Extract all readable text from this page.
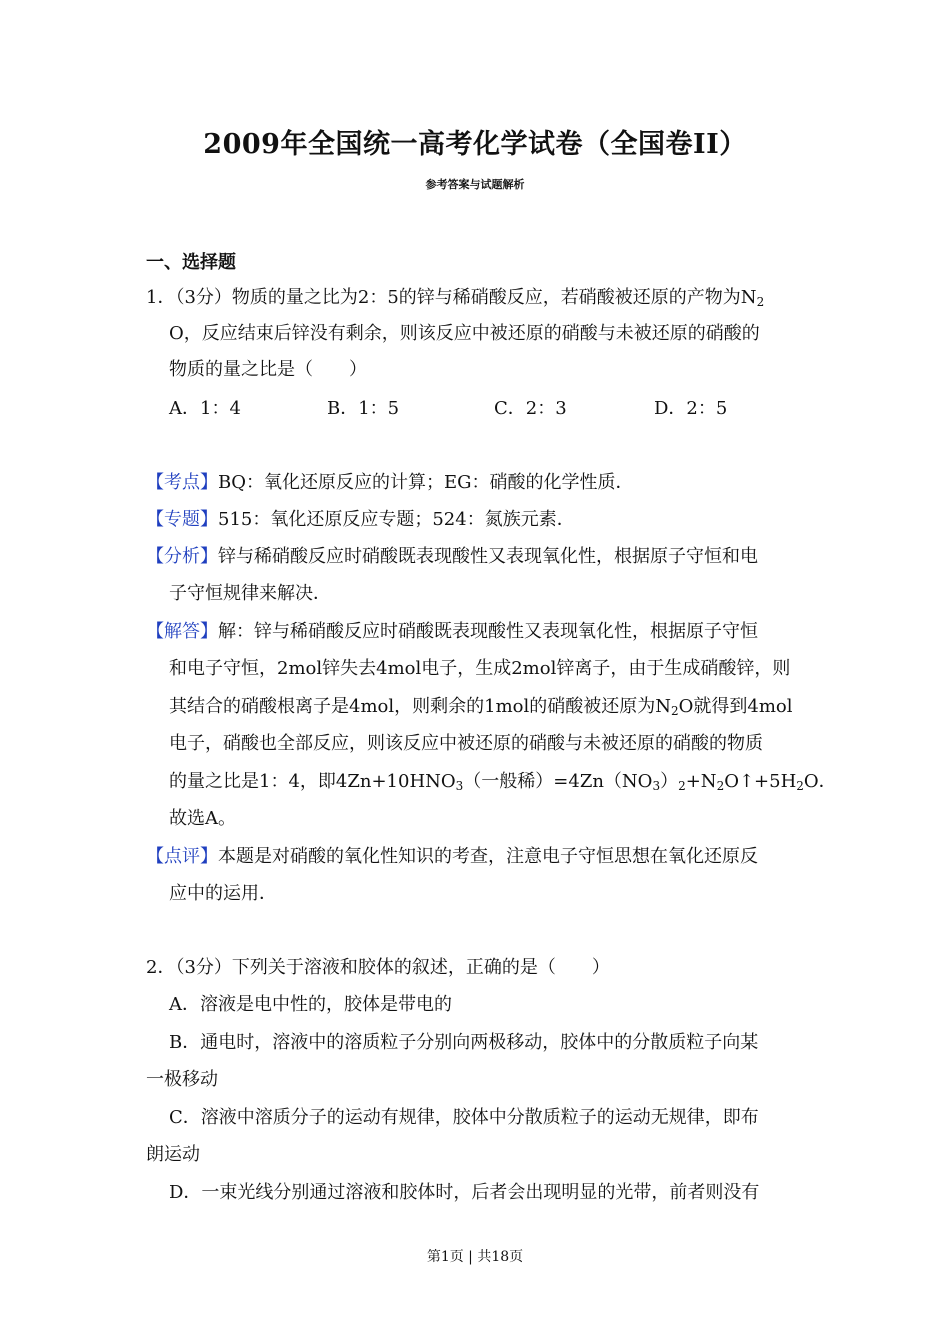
2009年全国统一高考化学试卷（全国卷II）
参考答案与试题解析
一、选择题
1．（3分）物质的量之比为2：5的锌与稀硝酸反应，若硝酸被还原的产物为$N_2$
O，反应结束后锌没有剩余，则该反应中被还原的硝酸与未被还原的硝酸的
物质的量之比是（　　）
A．1：4	B．1：5	C．2：3	D．2：5
【考点】BQ：氧化还原反应的计算；EG：硝酸的化学性质．
【专题】515：氧化还原反应专题；524：氮族元素．
【分析】锌与稀硝酸反应时硝酸既表现酸性又表现氧化性，根据原子守恒和电
子守恒规律来解决．
【解答】解：锌与稀硝酸反应时硝酸既表现酸性又表现氧化性，根据原子守恒
和电子守恒，2mol锌失去4mol电子，生成2mol锌离子，由于生成硝酸锌，则
其结合的硝酸根离子是4mol，则剩余的1mol的硝酸被还原为$N_2O$就得到4mol
电子，硝酸也全部反应，则该反应中被还原的硝酸与未被还原的硝酸的物质
的量之比是1：4，即$4Zn+10HNO_3$（一般稀）$=4Zn(NO_3)_2+N_2O↑+5H_2O$．
故选A。
【点评】本题是对硝酸的氧化性知识的考查，注意电子守恒思想在氧化还原反
应中的运用．
2．（3分）下列关于溶液和胶体的叙述，正确的是（　　）
A．溶液是电中性的，胶体是带电的
B．通电时，溶液中的溶质粒子分别向两极移动，胶体中的分散质粒子向某
一极移动
C．溶液中溶质分子的运动有规律，胶体中分散质粒子的运动无规律，即布
朗运动
D．一束光线分别通过溶液和胶体时，后者会出现明显的光带，前者则没有
第1页 | 共18页
